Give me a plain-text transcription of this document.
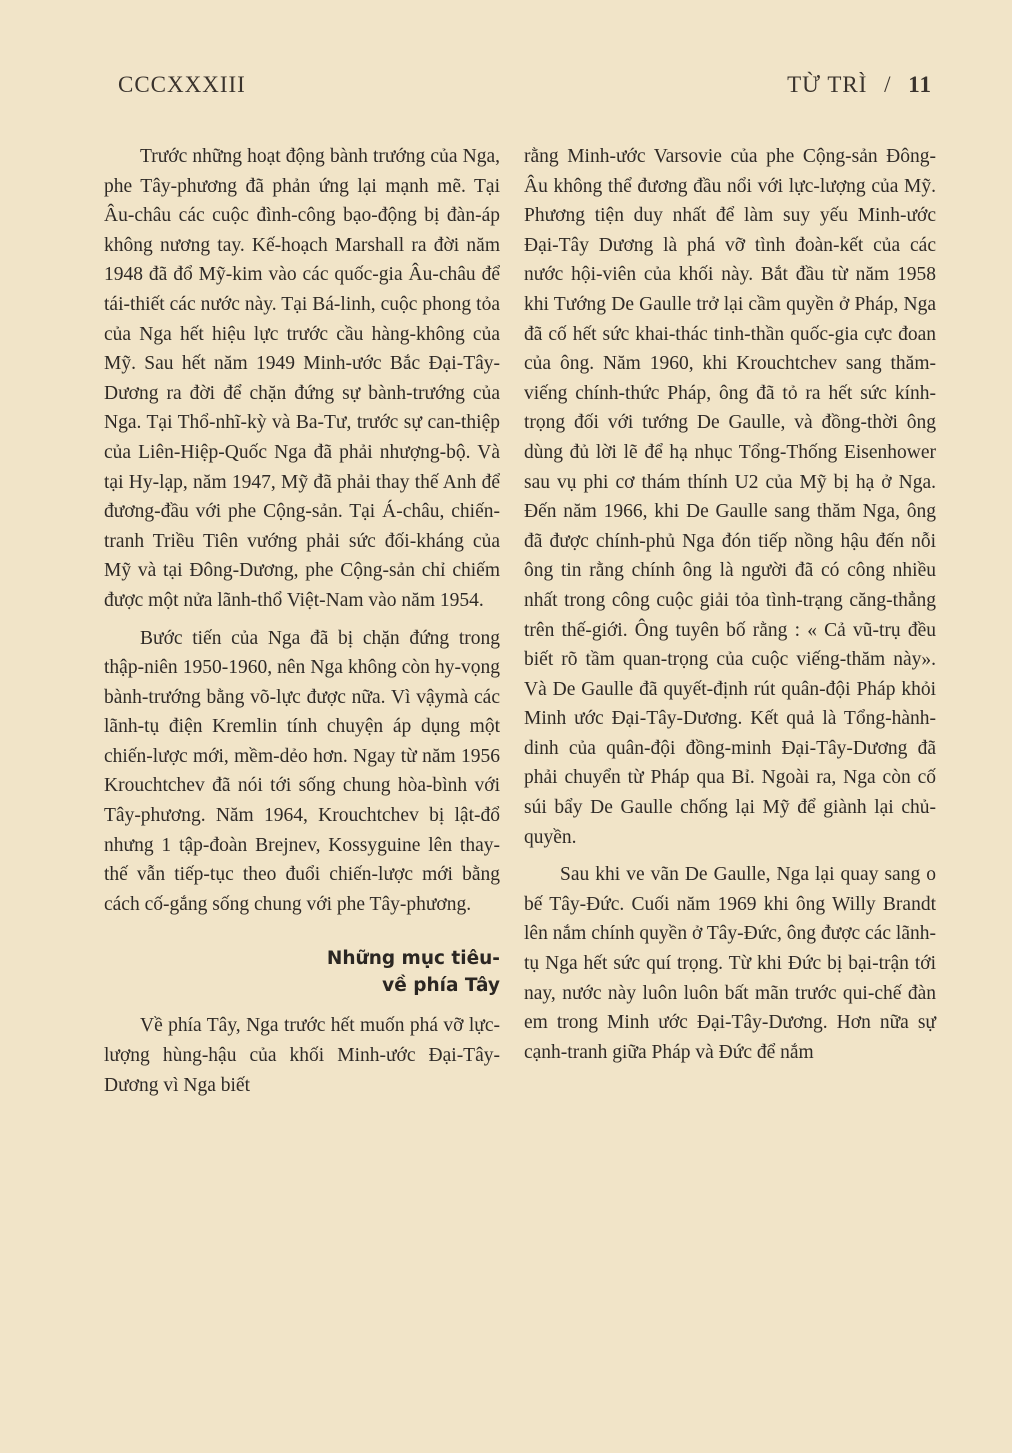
CCCXXXIII	TỪ TRÌ / 11

Trước những hoạt động bành trướng của Nga, phe Tây-phương đã phản ứng lại mạnh mẽ. Tại Âu-châu các cuộc đình-công bạo-động bị đàn-áp không nương tay. Kế-hoạch Marshall ra đời năm 1948 đã đổ Mỹ-kim vào các quốc-gia Âu-châu để tái-thiết các nước này. Tại Bá-linh, cuộc phong tỏa của Nga hết hiệu lực trước cầu hàng-không của Mỹ. Sau hết năm 1949 Minh-ước Bắc Đại-Tây-Dương ra đời để chặn đứng sự bành-trướng của Nga. Tại Thổ-nhĩ-kỳ và Ba-Tư, trước sự can-thiệp của Liên-Hiệp-Quốc Nga đã phải nhượng-bộ. Và tại Hy-lạp, năm 1947, Mỹ đã phải thay thế Anh để đương-đầu với phe Cộng-sản. Tại Á-châu, chiến-tranh Triều Tiên vướng phải sức đối-kháng của Mỹ và tại Đông-Dương, phe Cộng-sản chỉ chiếm được một nửa lãnh-thổ Việt-Nam vào năm 1954.

Bước tiến của Nga đã bị chặn đứng trong thập-niên 1950-1960, nên Nga không còn hy-vọng bành-trướng bằng võ-lực được nữa. Vì vậymà các lãnh-tụ điện Kremlin tính chuyện áp dụng một chiến-lược mới, mềm-dẻo hơn. Ngay từ năm 1956 Krouchtchev đã nói tới sống chung hòa-bình với Tây-phương. Năm 1964, Krouchtchev bị lật-đổ nhưng 1 tập-đoàn Brejnev, Kossyguine lên thay-thế vẫn tiếp-tục theo đuổi chiến-lược mới bằng cách cố-gắng sống chung với phe Tây-phương.

Những mục tiêu-
về phía Tây

Về phía Tây, Nga trước hết muốn phá vỡ lực-lượng hùng-hậu của khối Minh-ước Đại-Tây-Dương vì Nga biết

rằng Minh-ước Varsovie của phe Cộng-sản Đông-Âu không thể đương đầu nổi với lực-lượng của Mỹ. Phương tiện duy nhất để làm suy yếu Minh-ước Đại-Tây Dương là phá vỡ tình đoàn-kết của các nước hội-viên của khối này. Bắt đầu từ năm 1958 khi Tướng De Gaulle trở lại cầm quyền ở Pháp, Nga đã cố hết sức khai-thác tinh-thần quốc-gia cực đoan của ông. Năm 1960, khi Krouchtchev sang thăm-viếng chính-thức Pháp, ông đã tỏ ra hết sức kính-trọng đối với tướng De Gaulle, và đồng-thời ông dùng đủ lời lẽ để hạ nhục Tổng-Thống Eisenhower sau vụ phi cơ thám thính U2 của Mỹ bị hạ ở Nga. Đến năm 1966, khi De Gaulle sang thăm Nga, ông đã được chính-phủ Nga đón tiếp nồng hậu đến nỗi ông tin rằng chính ông là người đã có công nhiều nhất trong công cuộc giải tỏa tình-trạng căng-thẳng trên thế-giới. Ông tuyên bố rằng : « Cả vũ-trụ đều biết rõ tầm quan-trọng của cuộc viếng-thăm này». Và De Gaulle đã quyết-định rút quân-đội Pháp khỏi Minh ước Đại-Tây-Dương. Kết quả là Tổng-hành-dinh của quân-đội đồng-minh Đại-Tây-Dương đã phải chuyển từ Pháp qua Bỉ. Ngoài ra, Nga còn cố súi bẩy De Gaulle chống lại Mỹ để giành lại chủ-quyền.

Sau khi ve vãn De Gaulle, Nga lại quay sang o bế Tây-Đức. Cuối năm 1969 khi ông Willy Brandt lên nắm chính quyền ở Tây-Đức, ông được các lãnh-tụ Nga hết sức quí trọng. Từ khi Đức bị bại-trận tới nay, nước này luôn luôn bất mãn trước qui-chế đàn em trong Minh ước Đại-Tây-Dương. Hơn nữa sự cạnh-tranh giữa Pháp và Đức để nắm
